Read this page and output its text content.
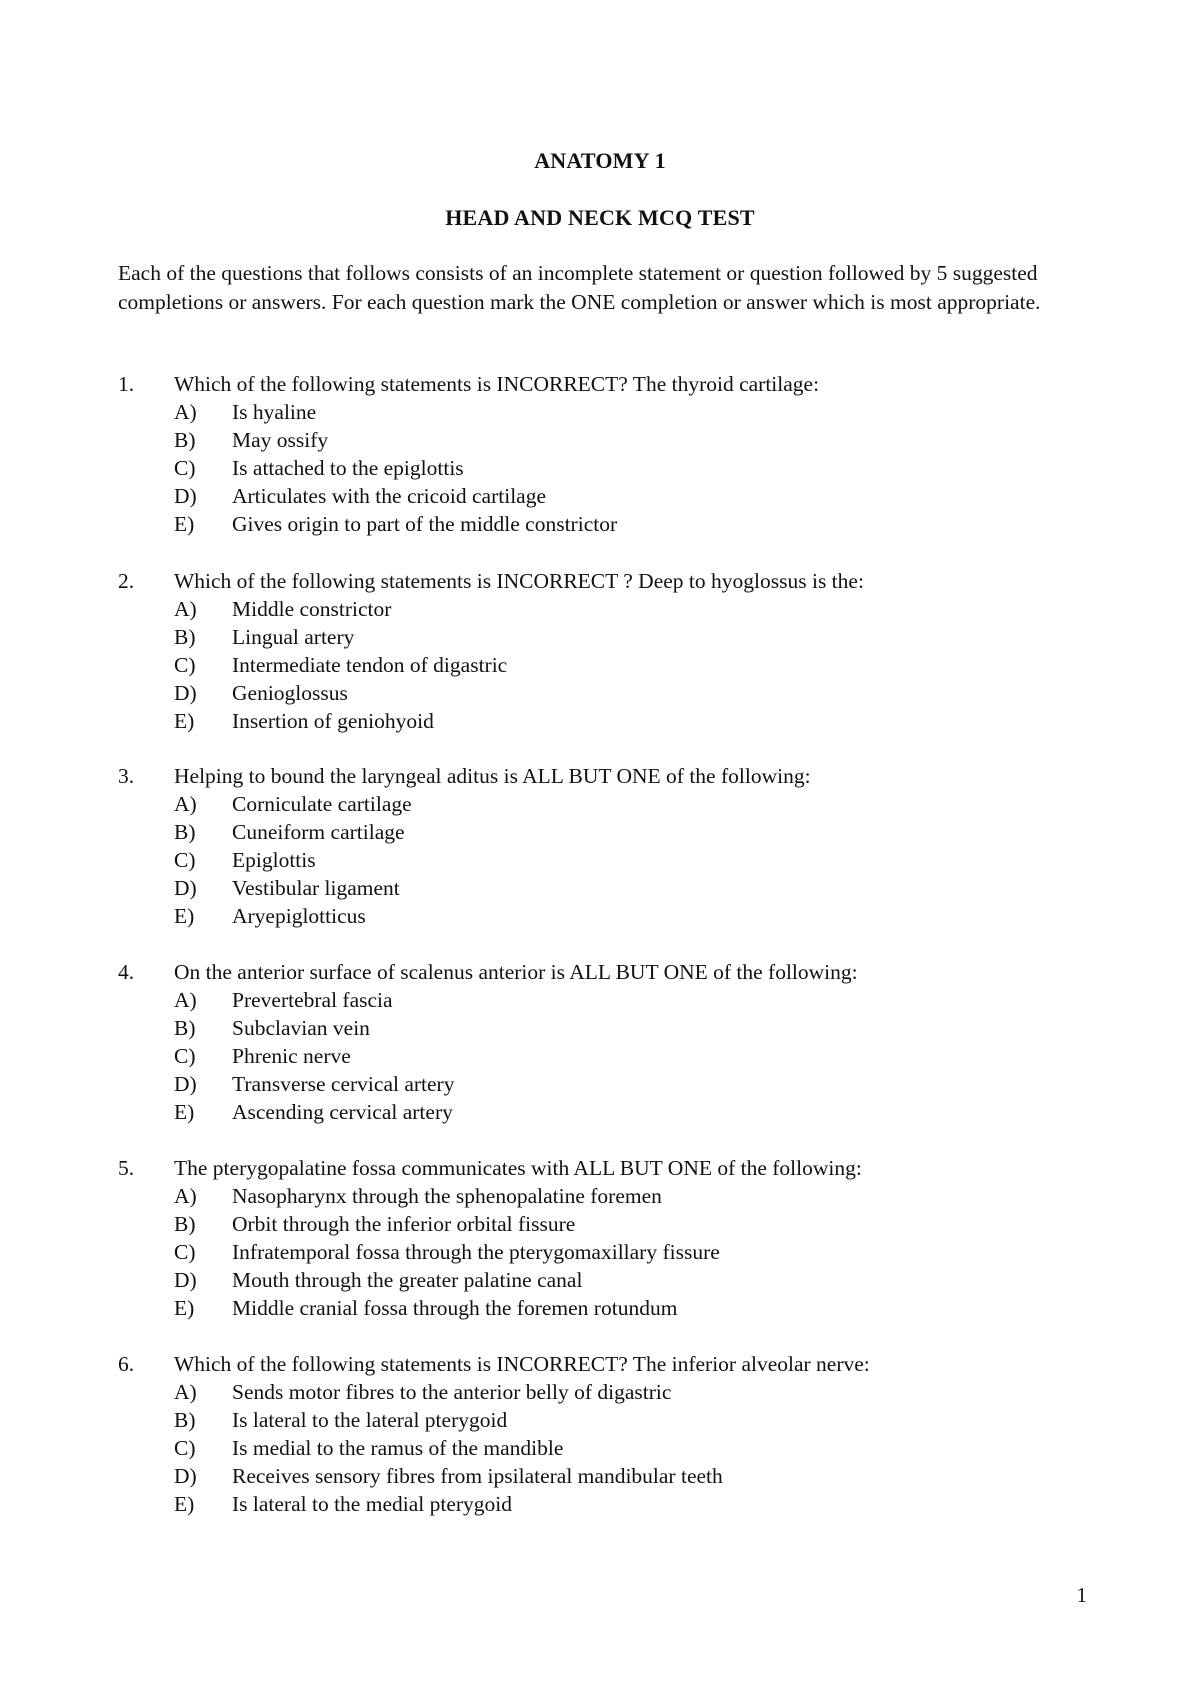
ANATOMY 1
HEAD AND NECK MCQ TEST
Each of the questions that follows consists of an incomplete statement or question followed by 5 suggested completions or answers. For each question mark the ONE completion or answer which is most appropriate.
1. Which of the following statements is INCORRECT? The thyroid cartilage:
A) Is hyaline
B) May ossify
C) Is attached to the epiglottis
D) Articulates with the cricoid cartilage
E) Gives origin to part of the middle constrictor
2. Which of the following statements is INCORRECT ? Deep to hyoglossus is the:
A) Middle constrictor
B) Lingual artery
C) Intermediate tendon of digastric
D) Genioglossus
E) Insertion of geniohyoid
3. Helping to bound the laryngeal aditus is ALL BUT ONE of the following:
A) Corniculate cartilage
B) Cuneiform cartilage
C) Epiglottis
D) Vestibular ligament
E) Aryepiglotticus
4. On the anterior surface of scalenus anterior is ALL BUT ONE of the following:
A) Prevertebral fascia
B) Subclavian vein
C) Phrenic nerve
D) Transverse cervical artery
E) Ascending cervical artery
5. The pterygopalatine fossa communicates with ALL BUT ONE of the following:
A) Nasopharynx through the sphenopalatine foremen
B) Orbit through the inferior orbital fissure
C) Infratemporal fossa through the pterygomaxillary fissure
D) Mouth through the greater palatine canal
E) Middle cranial fossa through the foremen rotundum
6. Which of the following statements is INCORRECT? The inferior alveolar nerve:
A) Sends motor fibres to the anterior belly of digastric
B) Is lateral to the lateral pterygoid
C) Is medial to the ramus of the mandible
D) Receives sensory fibres from ipsilateral mandibular teeth
E) Is lateral to the medial pterygoid
1
